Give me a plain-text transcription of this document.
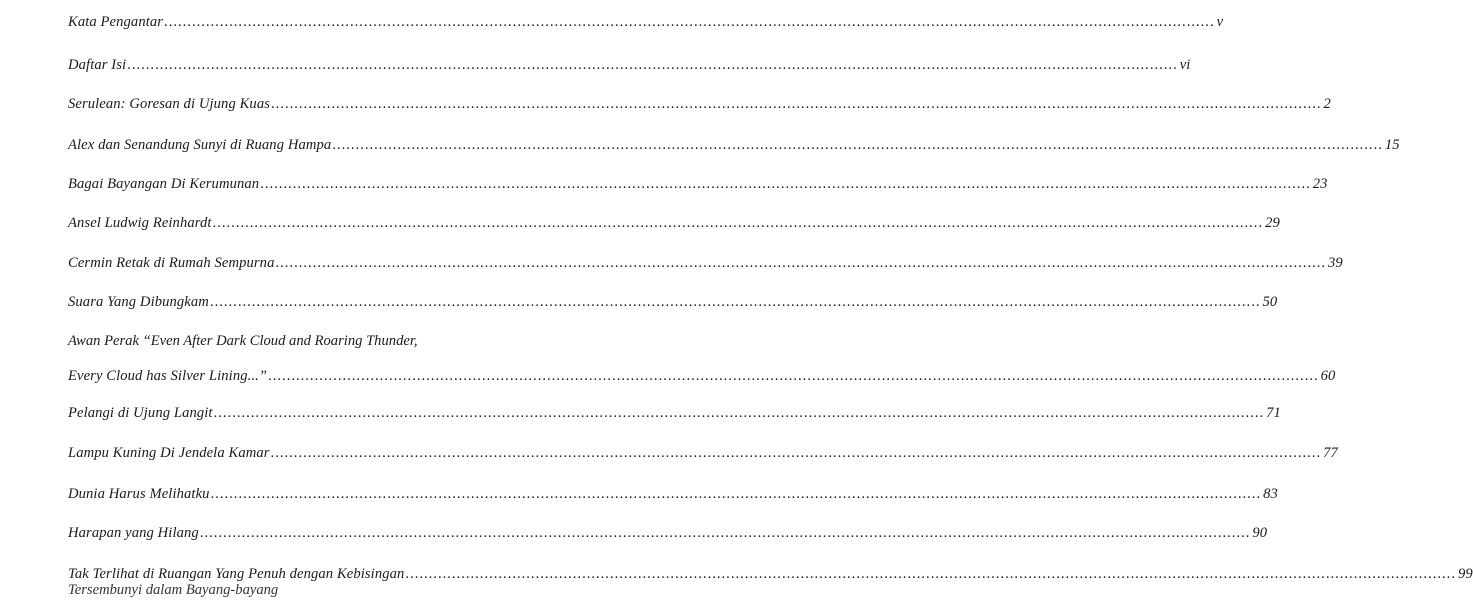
Kata Pengantar .....	v
Daftar Isi .....	vi
Serulean: Goresan di Ujung Kuas .....	2
Alex dan Senandung Sunyi di Ruang Hampa .....	15
Bagai Bayangan Di Kerumunan .....	23
Ansel Ludwig Reinhardt .....	29
Cermin Retak di Rumah Sempurna .....	39
Suara Yang Dibungkam .....	50
Awan Perak “Even After Dark Cloud and Roaring Thunder,
Every Cloud has Silver Lining...” .....	60
Pelangi di Ujung Langit .....	71
Lampu Kuning Di Jendela Kamar .....	77
Dunia Harus Melihatku .....	83
Harapan yang Hilang .....	90
Tak Terlihat di Ruangan Yang Penuh dengan Kebisingan .....	99
Tersembunyi dalam Bayang-bayang
